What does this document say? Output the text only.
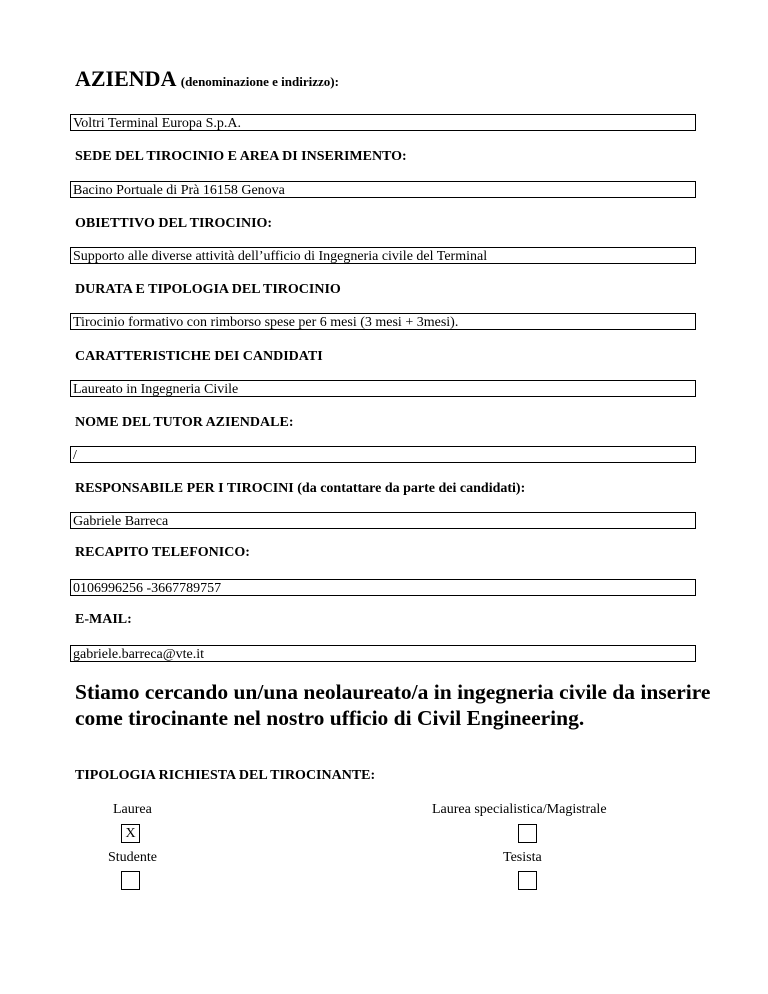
AZIENDA (denominazione e indirizzo):
Voltri Terminal Europa S.p.A.
SEDE DEL TIROCINIO E AREA DI INSERIMENTO:
Bacino Portuale di Prà 16158 Genova
OBIETTIVO DEL TIROCINIO:
Supporto alle diverse attività dell’ufficio di Ingegneria civile del Terminal
DURATA E TIPOLOGIA DEL TIROCINIO
Tirocinio formativo con rimborso spese per 6 mesi (3 mesi + 3mesi).
CARATTERISTICHE DEI CANDIDATI
Laureato in Ingegneria Civile
NOME DEL TUTOR AZIENDALE:
/
RESPONSABILE PER I TIROCINI (da contattare da parte dei candidati):
Gabriele Barreca
RECAPITO TELEFONICO:
0106996256 -3667789757
E-MAIL:
gabriele.barreca@vte.it
Stiamo cercando un/una neolaureato/a in ingegneria civile da inserire come tirocinante nel nostro ufficio di Civil Engineering.
TIPOLOGIA RICHIESTA DEL TIROCINANTE:
Laurea
X
Laurea specialistica/Magistrale
Studente	Tesista
